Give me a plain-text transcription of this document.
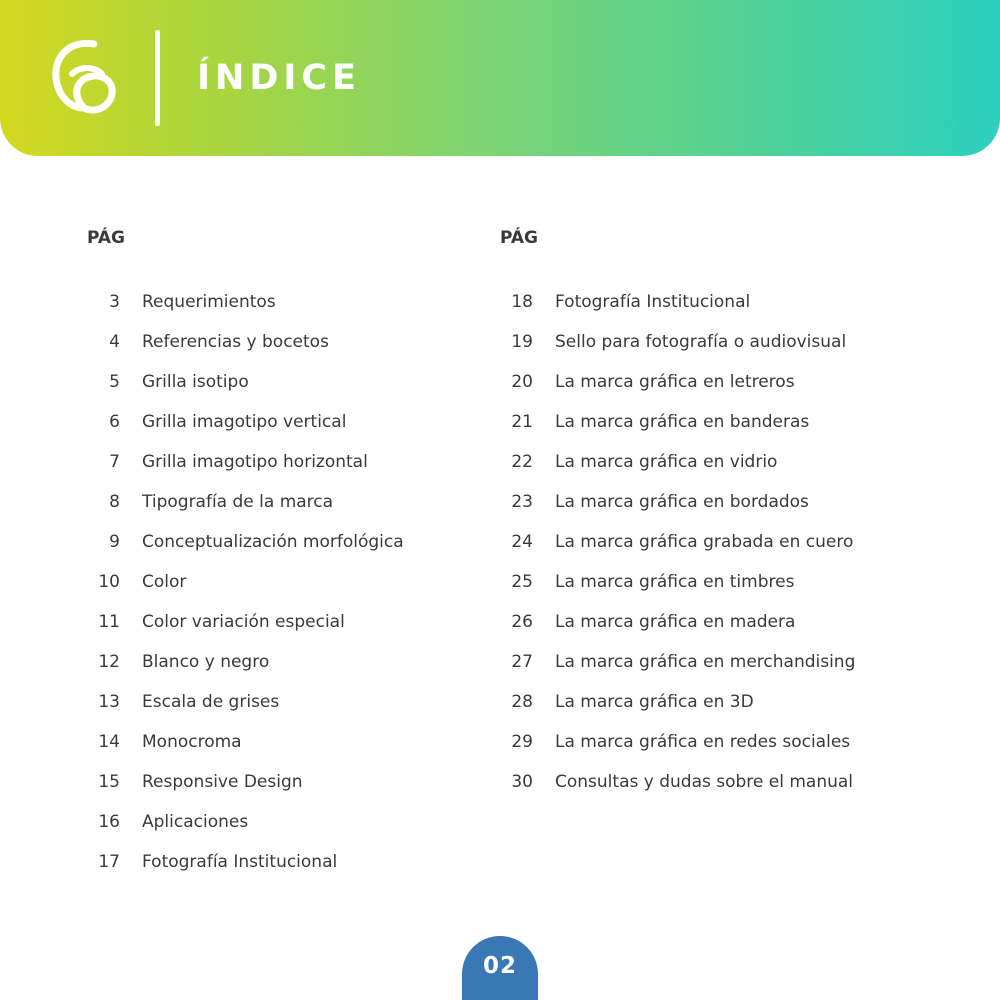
ÍNDICE
PÁG
3 Requerimientos
4 Referencias y bocetos
5 Grilla isotipo
6 Grilla imagotipo vertical
7 Grilla imagotipo horizontal
8 Tipografía de la marca
9 Conceptualización morfológica
10 Color
11 Color variación especial
12 Blanco y negro
13 Escala de grises
14 Monocroma
15 Responsive Design
16 Aplicaciones
17 Fotografía Institucional
PÁG
18 Fotografía Institucional
19 Sello para fotografía o audiovisual
20 La marca gráfica en letreros
21 La marca gráfica en banderas
22 La marca gráfica en vidrio
23 La marca gráfica en bordados
24 La marca gráfica grabada en cuero
25 La marca gráfica en timbres
26 La marca gráfica en madera
27 La marca gráfica en merchandising
28 La marca gráfica en 3D
29 La marca gráfica en redes sociales
30 Consultas y dudas sobre el manual
02
